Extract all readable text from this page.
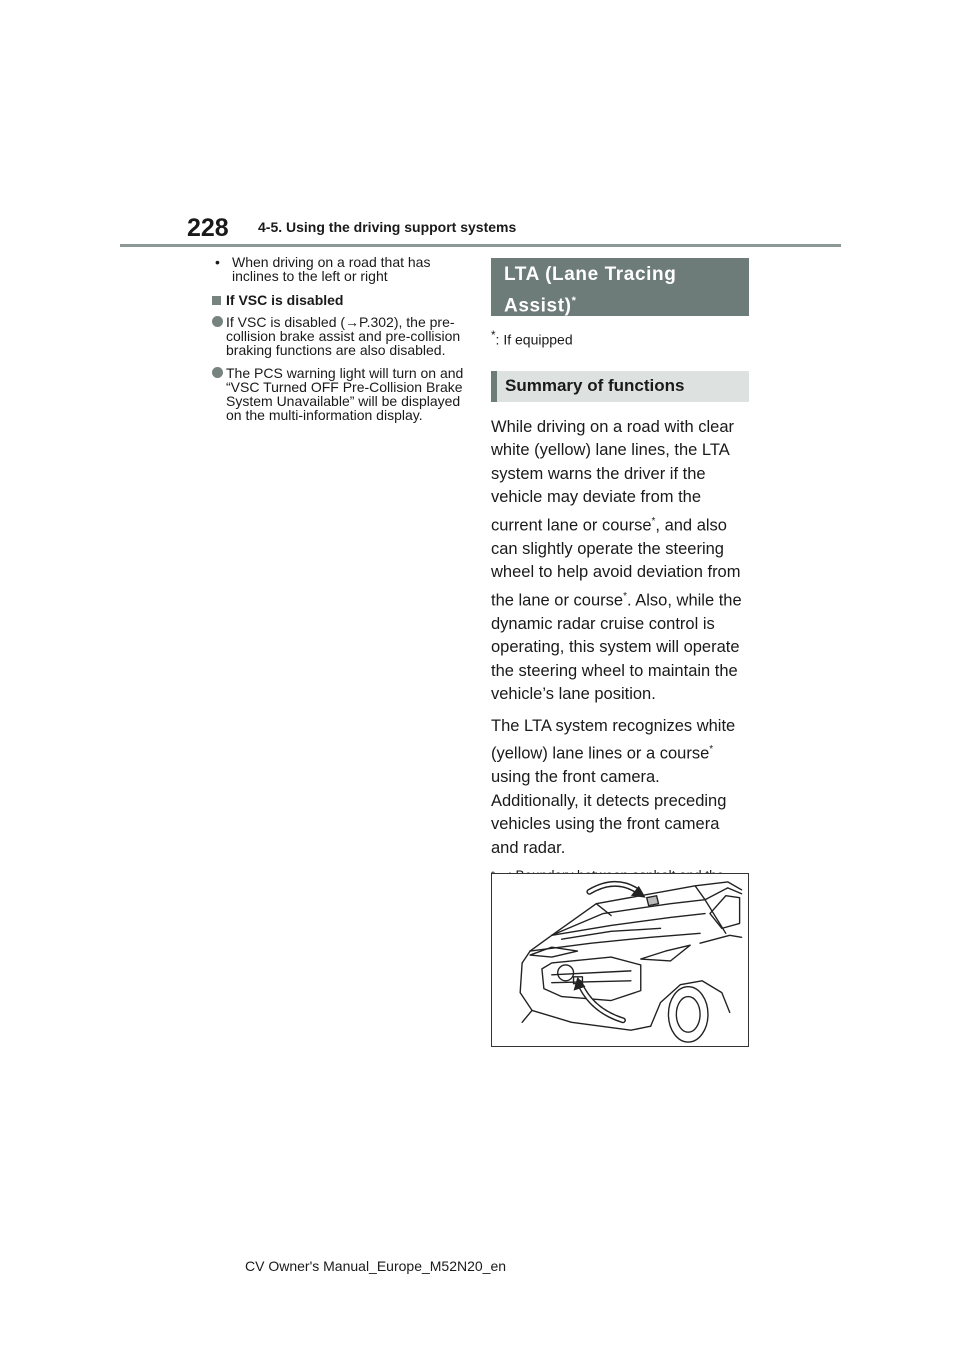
228 4-5. Using the driving support systems
• When driving on a road that has inclines to the left or right
If VSC is disabled
If VSC is disabled (→P.302), the pre-collision brake assist and pre-collision braking functions are also disabled.
The PCS warning light will turn on and “VSC Turned OFF Pre-Collision Brake System Unavailable” will be displayed on the multi-information display.
LTA (Lane Tracing Assist)*
*: If equipped
Summary of functions

While driving on a road with clear white (yellow) lane lines, the LTA system warns the driver if the vehicle may deviate from the current lane or course*, and also can slightly operate the steering wheel to help avoid deviation from the lane or course*. Also, while the dynamic radar cruise control is operating, this system will operate the steering wheel to maintain the vehicle’s lane position.

The LTA system recognizes white (yellow) lane lines or a course* using the front camera. Additionally, it detects preceding vehicles using the front camera and radar.

CV Owner's Manual_Europe_M52N20_en
